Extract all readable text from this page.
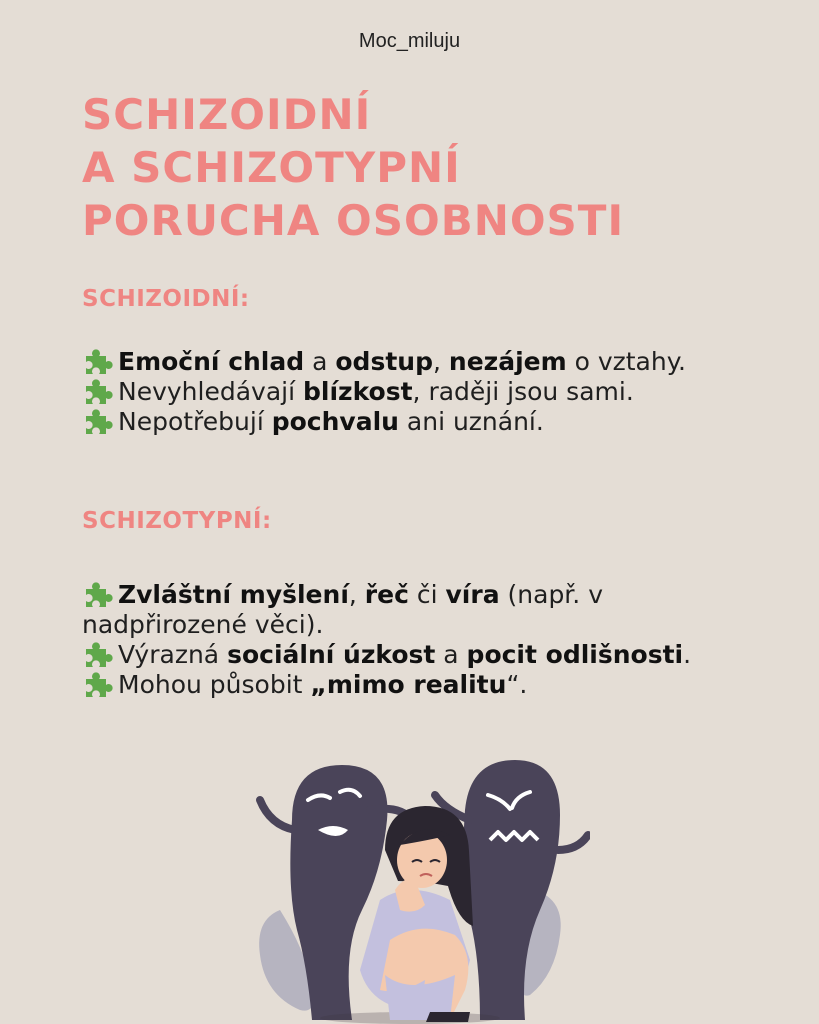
Moc_miluju
SCHIZOIDNÍ
A SCHIZOTYPNÍ
PORUCHA OSOBNOSTI
SCHIZOIDNÍ:
Emoční chlad a odstup, nezájem o vztahy.
Nevyhledávají blízkost, raději jsou sami.
Nepotřebují pochvalu ani uznání.
SCHIZOTYPNÍ:
Zvláštní myšlení, řeč či víra (např. v nadpřirozené věci).
Výrazná sociální úzkost a pocit odlišnosti.
Mohou působit „mimo realitu“.
